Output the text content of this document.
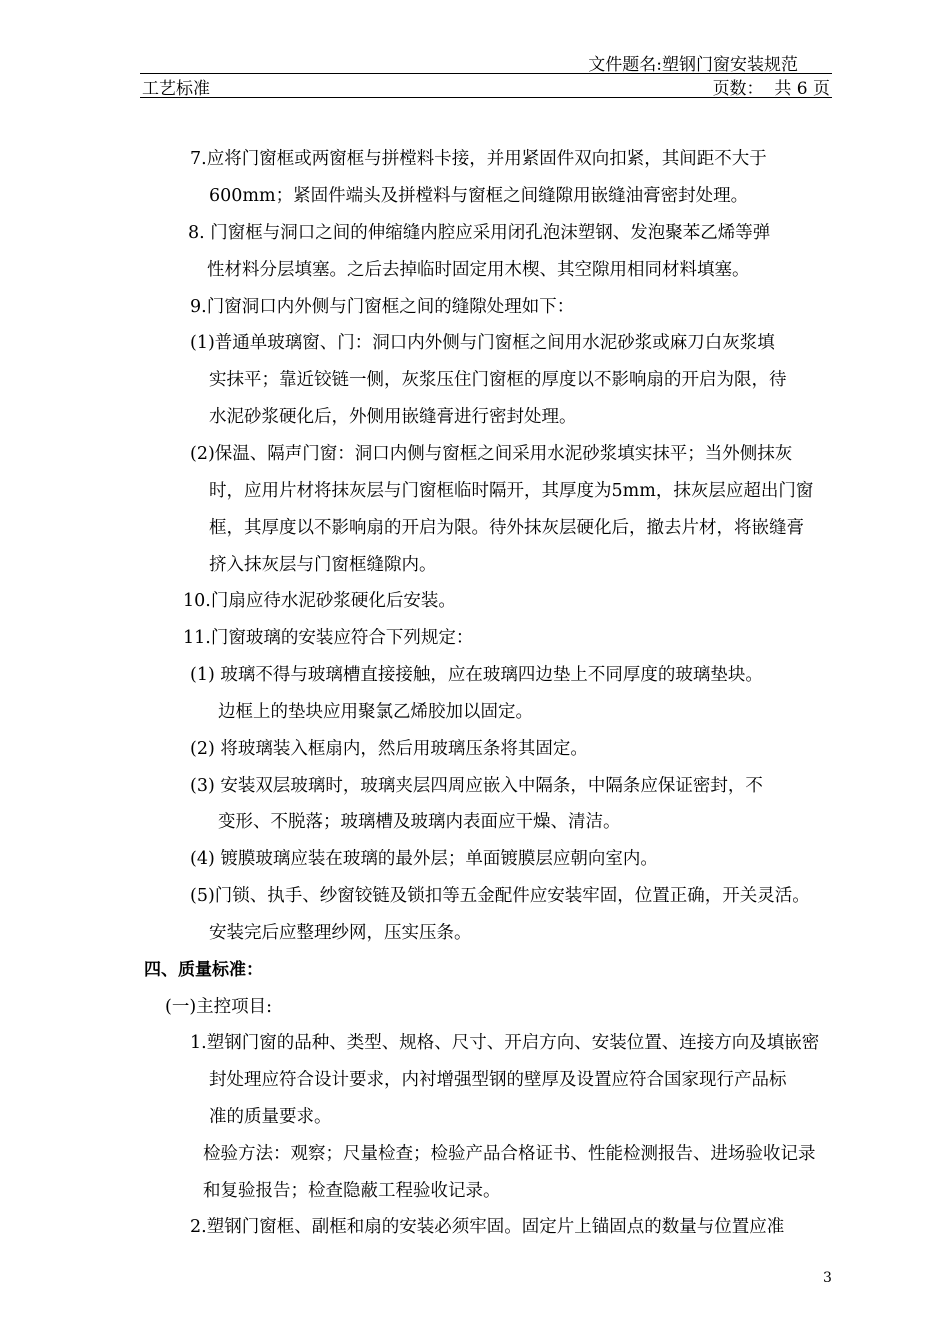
文件题名:塑钢门窗安装规范
工艺标准	页数：  共 6 页
7.应将门窗框或两窗框与拼樘料卡接，并用紧固件双向扣紧，其间距不大于
600mm；紧固件端头及拼樘料与窗框之间缝隙用嵌缝油膏密封处理。
8. 门窗框与洞口之间的伸缩缝内腔应采用闭孔泡沫塑钢、发泡聚苯乙烯等弹
性材料分层填塞。之后去掉临时固定用木楔、其空隙用相同材料填塞。
9.门窗洞口内外侧与门窗框之间的缝隙处理如下：
(1)普通单玻璃窗、门：洞口内外侧与门窗框之间用水泥砂浆或麻刀白灰浆填
实抹平；靠近铰链一侧，灰浆压住门窗框的厚度以不影响扇的开启为限，待
水泥砂浆硬化后，外侧用嵌缝膏进行密封处理。
(2)保温、隔声门窗：洞口内侧与窗框之间采用水泥砂浆填实抹平；当外侧抹灰
时，应用片材将抹灰层与门窗框临时隔开，其厚度为5mm，抹灰层应超出门窗
框，其厚度以不影响扇的开启为限。待外抹灰层硬化后，撤去片材，将嵌缝膏
挤入抹灰层与门窗框缝隙内。
10.门扇应待水泥砂浆硬化后安装。
11.门窗玻璃的安装应符合下列规定：
(1) 玻璃不得与玻璃槽直接接触，应在玻璃四边垫上不同厚度的玻璃垫块。
边框上的垫块应用聚氯乙烯胶加以固定。
(2) 将玻璃装入框扇内，然后用玻璃压条将其固定。
(3) 安装双层玻璃时，玻璃夹层四周应嵌入中隔条，中隔条应保证密封，不
变形、不脱落；玻璃槽及玻璃内表面应干燥、清洁。
(4) 镀膜玻璃应装在玻璃的最外层；单面镀膜层应朝向室内。
(5)门锁、执手、纱窗铰链及锁扣等五金配件应安装牢固，位置正确，开关灵活。
安装完后应整理纱网，压实压条。
四、质量标准：
(一)主控项目:
1.塑钢门窗的品种、类型、规格、尺寸、开启方向、安装位置、连接方向及填嵌密
封处理应符合设计要求，内衬增强型钢的壁厚及设置应符合国家现行产品标
准的质量要求。
检验方法：观察；尺量检查；检验产品合格证书、性能检测报告、进场验收记录
和复验报告；检查隐蔽工程验收记录。
2.塑钢门窗框、副框和扇的安装必须牢固。固定片上锚固点的数量与位置应准
3
